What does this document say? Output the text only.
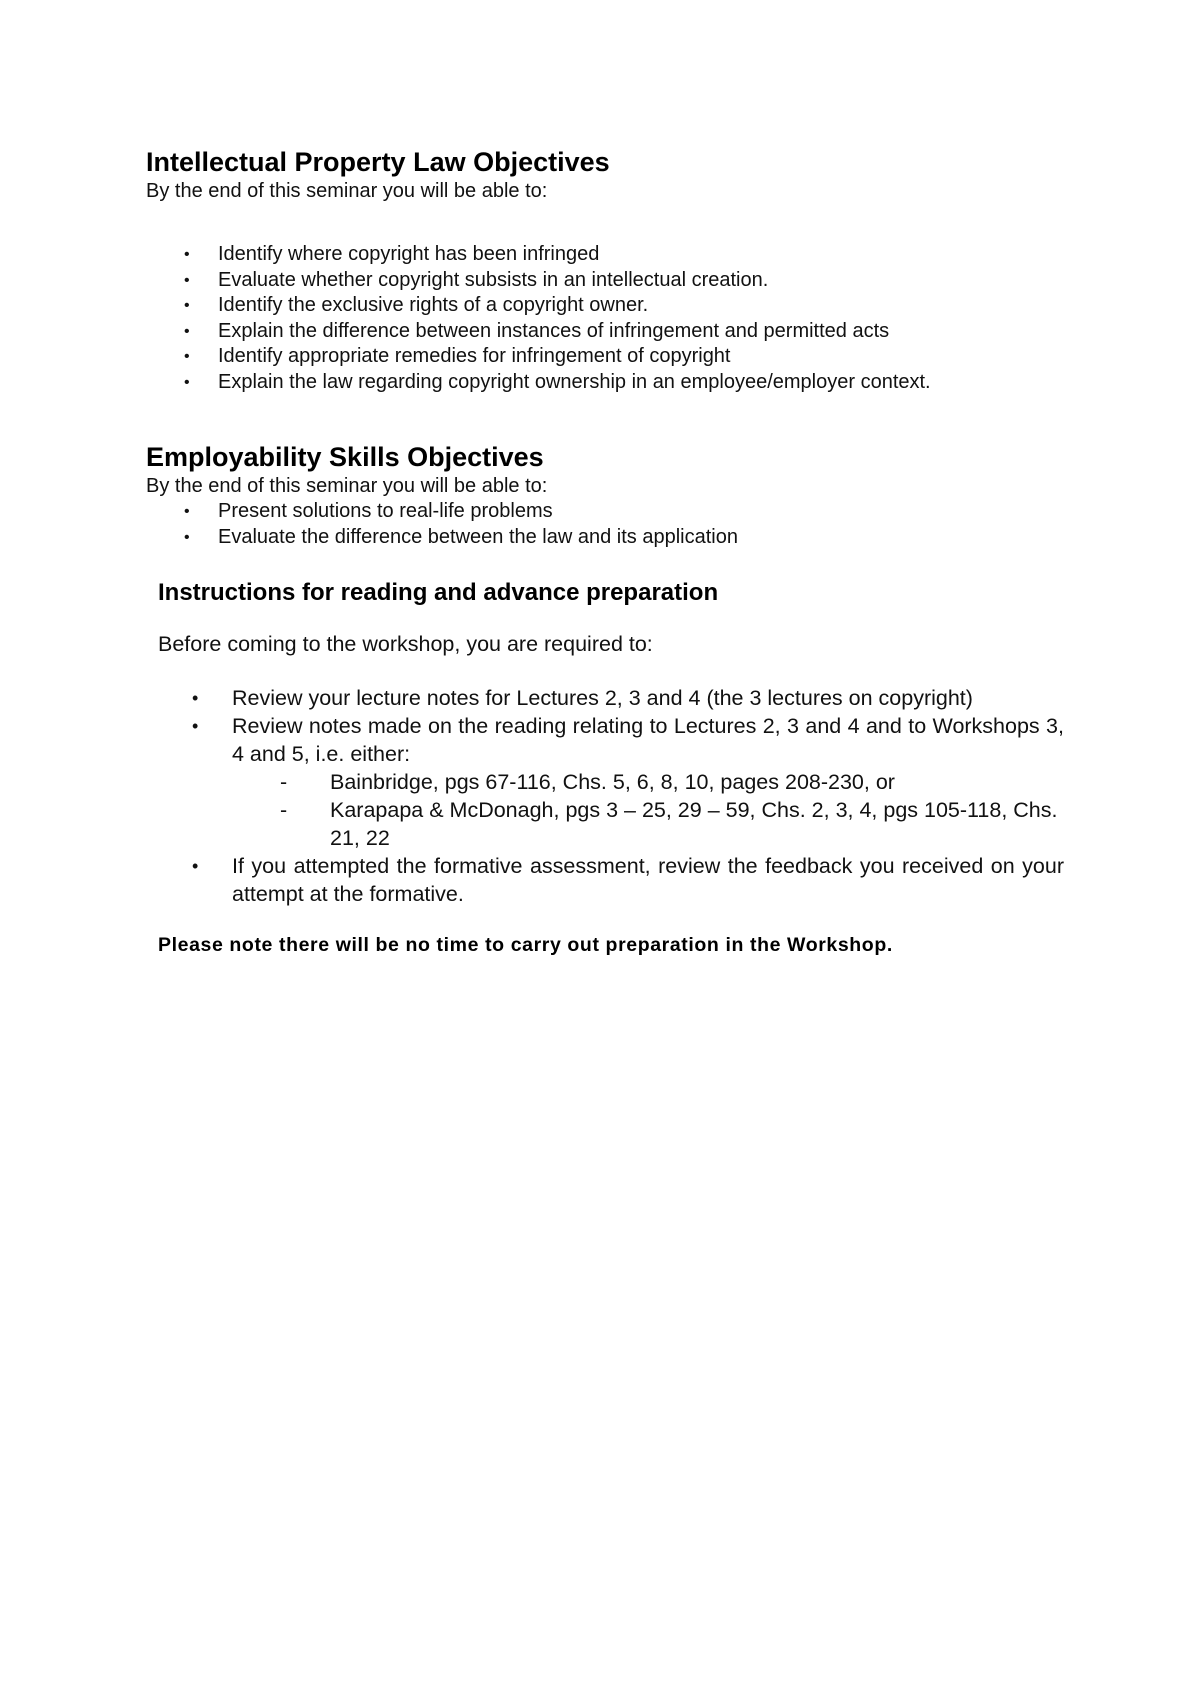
Intellectual Property Law Objectives

By the end of this seminar you will be able to:

• Identify where copyright has been infringed
• Evaluate whether copyright subsists in an intellectual creation.
• Identify the exclusive rights of a copyright owner.
• Explain the difference between instances of infringement and permitted acts
• Identify appropriate remedies for infringement of copyright
• Explain the law regarding copyright ownership in an employee/employer context.
Employability Skills Objectives

By the end of this seminar you will be able to:

• Present solutions to real-life problems
• Evaluate the difference between the law and its application
Instructions for reading and advance preparation

Before coming to the workshop, you are required to:

• Review your lecture notes for Lectures 2, 3 and 4 (the 3 lectures on copyright)
• Review notes made on the reading relating to Lectures 2, 3 and 4 and to Workshops 3, 4 and 5, i.e. either:
- Bainbridge, pgs 67-116, Chs. 5, 6, 8, 10, pages 208-230, or
- Karapapa & McDonagh, pgs 3 – 25, 29 – 59, Chs. 2, 3, 4, pgs 105-118, Chs. 21, 22
• If you attempted the formative assessment, review the feedback you received on your attempt at the formative.

Please note there will be no time to carry out preparation in the Workshop.
